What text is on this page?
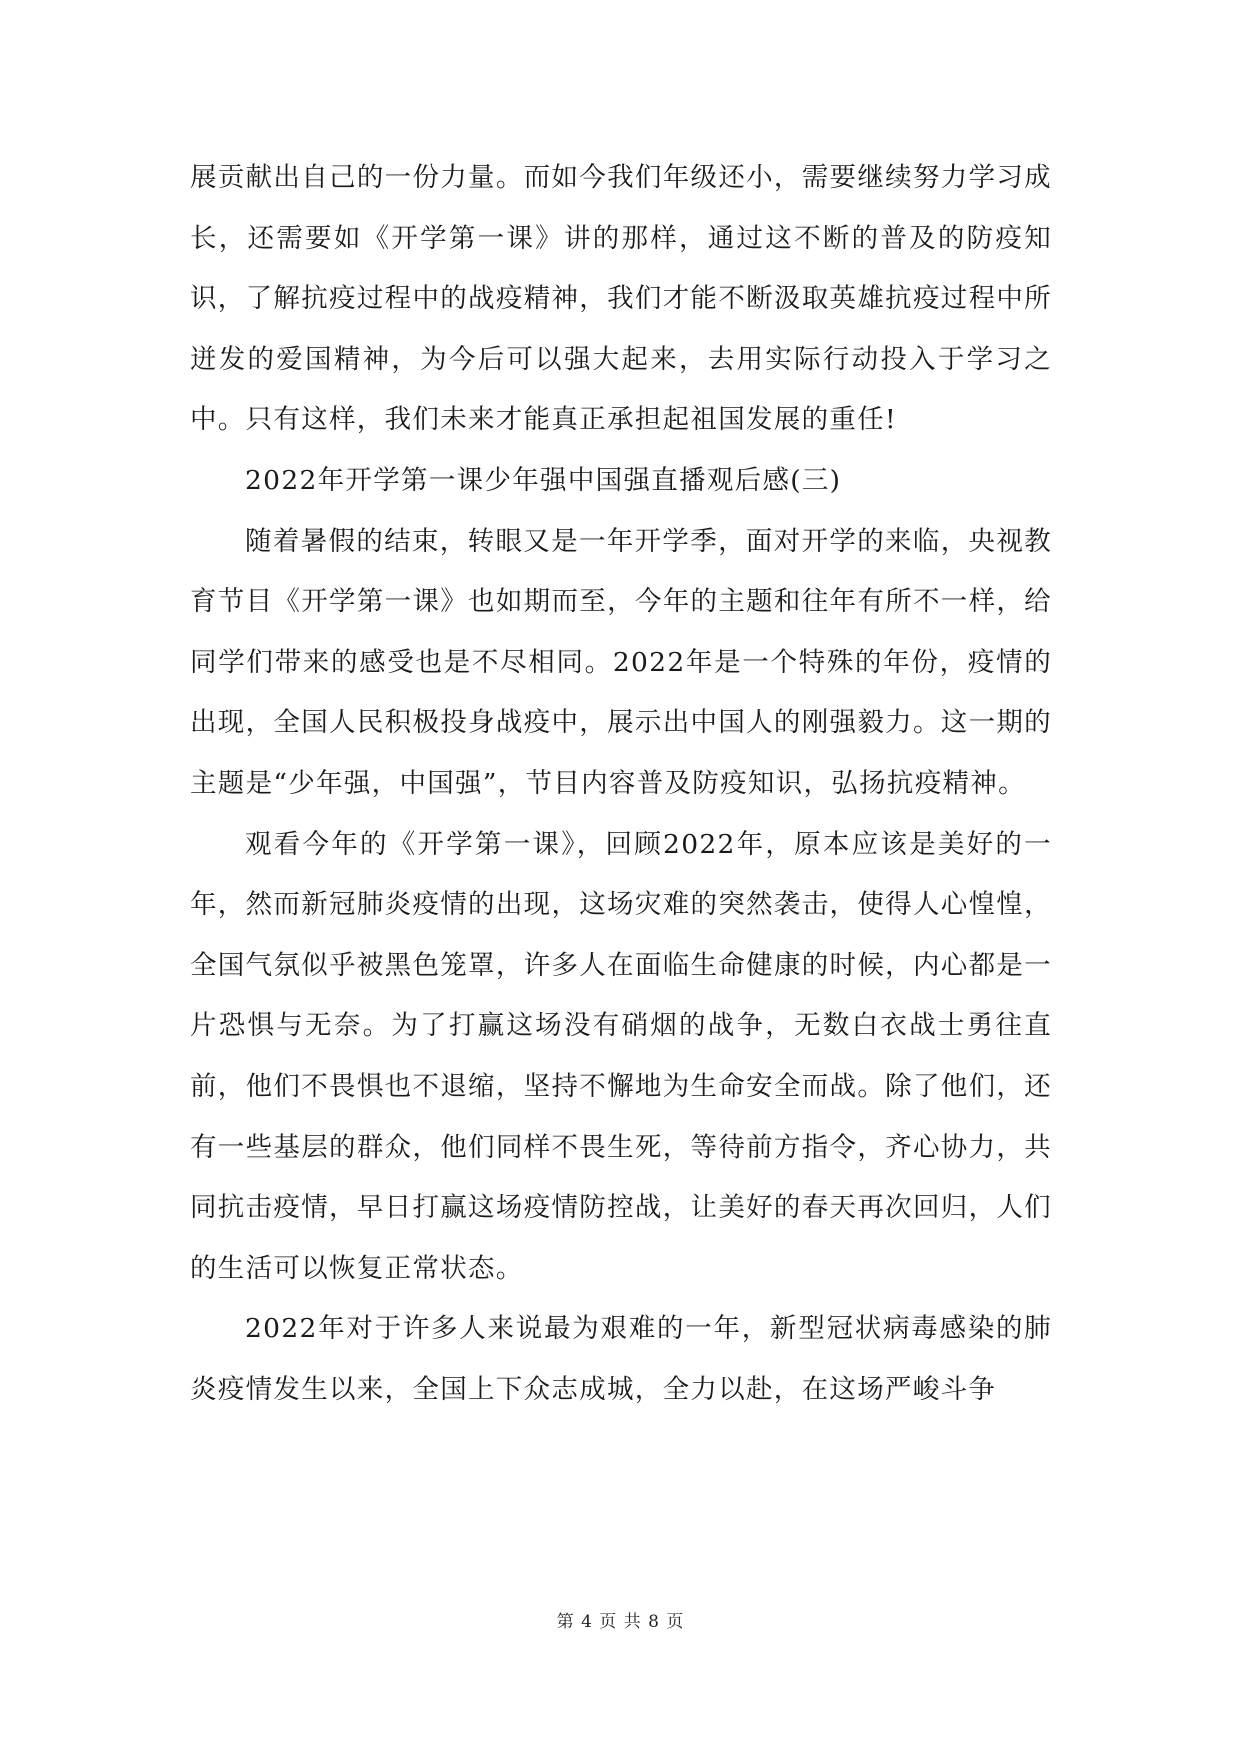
展贡献出自己的一份力量。而如今我们年级还小，需要继续努力学习成长，还需要如《开学第一课》讲的那样，通过这不断的普及的防疫知识，了解抗疫过程中的战疫精神，我们才能不断汲取英雄抗疫过程中所迸发的爱国精神，为今后可以强大起来，去用实际行动投入于学习之中。只有这样，我们未来才能真正承担起祖国发展的重任!

2022年开学第一课少年强中国强直播观后感(三)

随着暑假的结束，转眼又是一年开学季，面对开学的来临，央视教育节目《开学第一课》也如期而至，今年的主题和往年有所不一样，给同学们带来的感受也是不尽相同。2022年是一个特殊的年份，疫情的出现，全国人民积极投身战疫中，展示出中国人的刚强毅力。这一期的主题是“少年强，中国强”，节目内容普及防疫知识，弘扬抗疫精神。

观看今年的《开学第一课》，回顾2022年，原本应该是美好的一年，然而新冠肺炎疫情的出现，这场灾难的突然袭击，使得人心惶惶，全国气氛似乎被黑色笼罩，许多人在面临生命健康的时候，内心都是一片恐惧与无奈。为了打赢这场没有硝烟的战争，无数白衣战士勇往直前，他们不畏惧也不退缩，坚持不懈地为生命安全而战。除了他们，还有一些基层的群众，他们同样不畏生死，等待前方指令，齐心协力，共同抗击疫情，早日打赢这场疫情防控战，让美好的春天再次回归，人们的生活可以恢复正常状态。

2022年对于许多人来说最为艰难的一年，新型冠状病毒感染的肺炎疫情发生以来，全国上下众志成城，全力以赴，在这场严峻斗争

第 4 页 共 8 页
